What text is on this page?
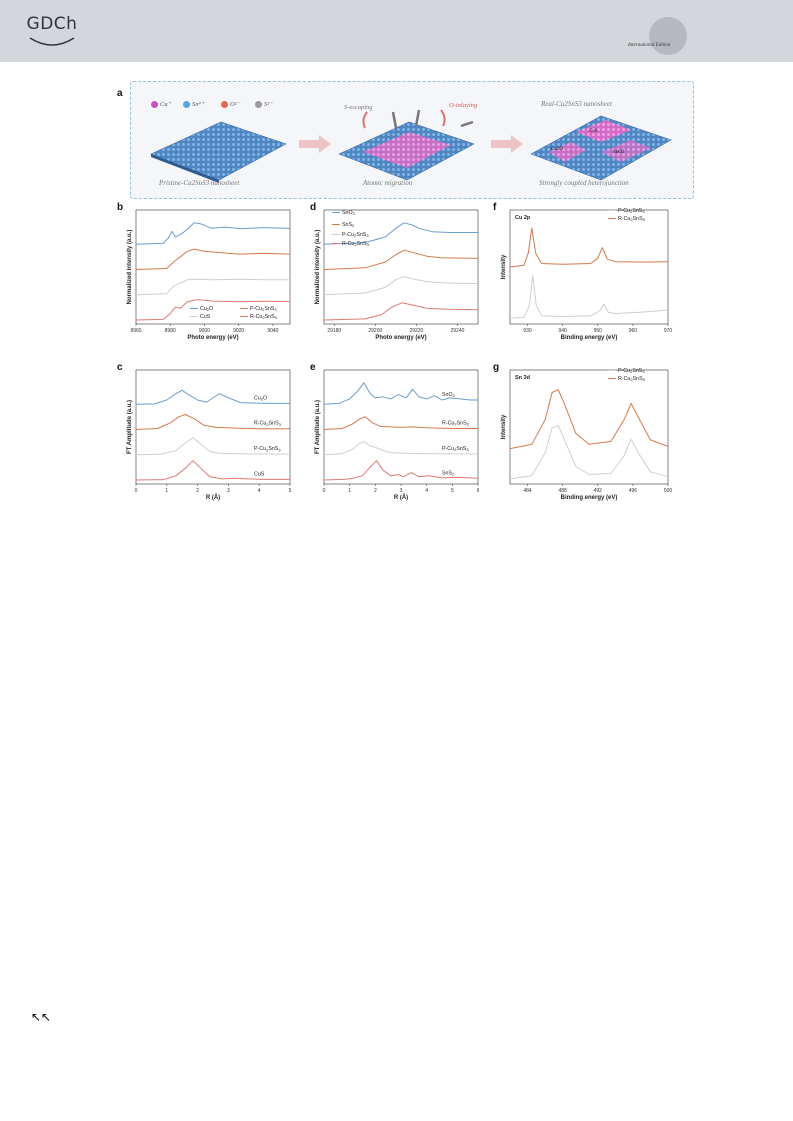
GDCh
International Edition
a
Cu⁺	Sn⁴⁺	O²⁻	S²⁻	S-escaping	O-inlaying	Real-Cu2SnS3 nanosheet
CuS
Cu2O
SnO2
Pristine-Cu2SnS3 nanosheet	Atomic migration	Strongly coupled heterojunction
b
c
d
e
f
g
8960	8980	9000	9020	9040
Photo energy (eV)
Normalized intensity (a.u.)
$Cu_2O$	$P-Cu_2SnS_3$
CuS	$R-Cu_2SnS_3$
0	1	2	3	4	5
R (Å)
FT Amplitude (a.u.)
$Cu_2O$
$R-Cu_2SnS_3$
$P-Cu_2SnS_3$
CuS
29180	29200	29220	29240
Photo energy (eV)
Normalized intensity (a.u.)
SnO$_2$
SnS$_2$
$P-Cu_2SnS_3$
$R-Cu_2SnS_3$
0	1	2	3	4	5	6
R (Å)
FT Amplitude (a.u.)
SnO$_2$
$R-Cu_2SnS_3$
$P-Cu_2SnS_3$
SnS$_2$
930	940	950	960	970
Binding energy (eV)
Intensity
$P-Cu_2SnS_3$
$R-Cu_2SnS_3$
Cu 2p
484	488	492	496	500
Binding energy (eV)
Intensity
$P-Cu_2SnS_3$
$R-Cu_2SnS_3$
Sn 3d
↖↖
